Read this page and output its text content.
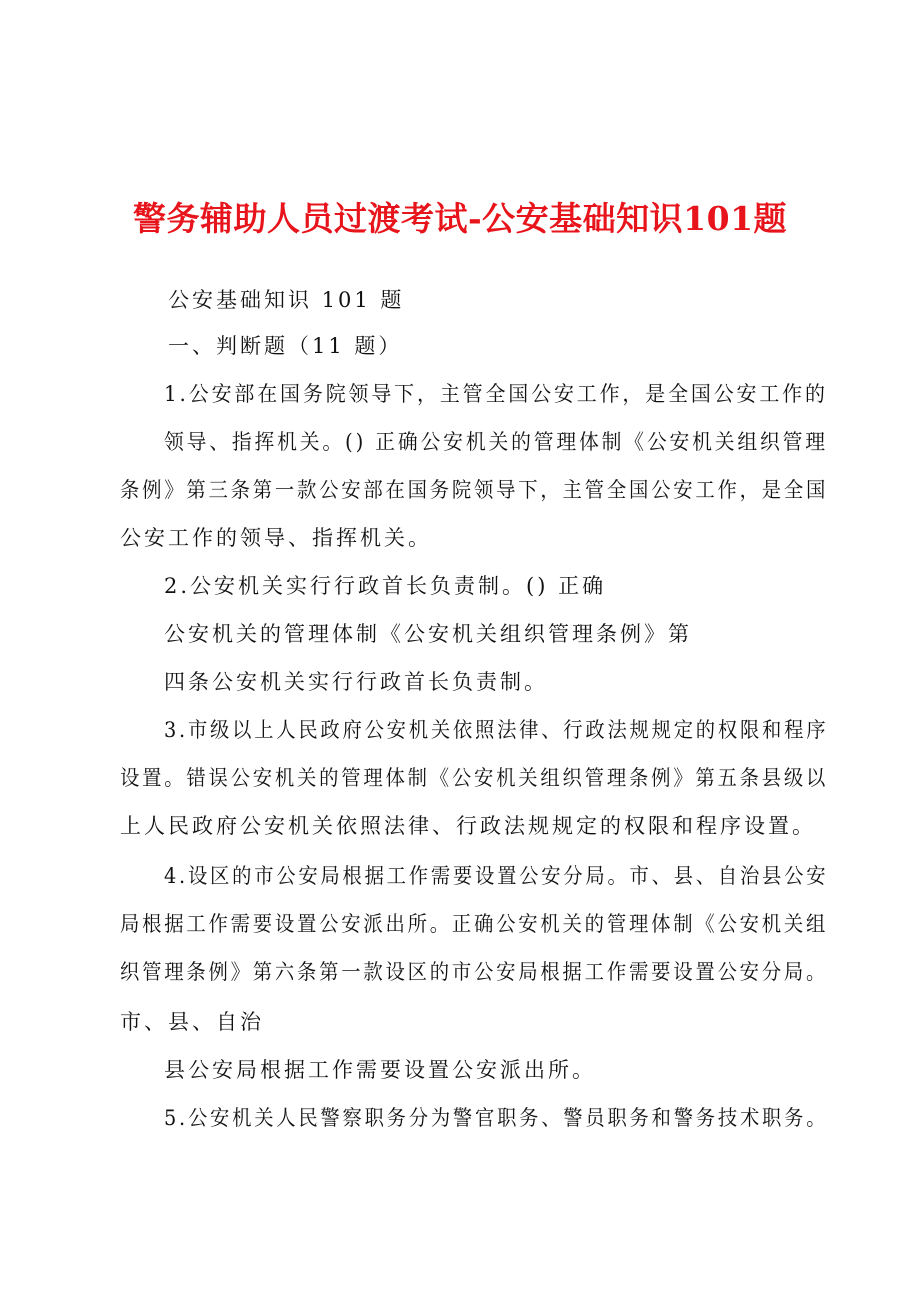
警务辅助人员过渡考试-公安基础知识101题
公安基础知识 101 题
一、判断题（11 题）
1.公安部在国务院领导下，主管全国公安工作，是全国公安工作的
领导、指挥机关。() 正确公安机关的管理体制《公安机关组织管理
条例》第三条第一款公安部在国务院领导下，主管全国公安工作，是全国
公安工作的领导、指挥机关。
2.公安机关实行行政首长负责制。() 正确
公安机关的管理体制《公安机关组织管理条例》第
四条公安机关实行行政首长负责制。
3.市级以上人民政府公安机关依照法律、行政法规规定的权限和程序
设置。错误公安机关的管理体制《公安机关组织管理条例》第五条县级以
上人民政府公安机关依照法律、行政法规规定的权限和程序设置。
4.设区的市公安局根据工作需要设置公安分局。市、县、自治县公安
局根据工作需要设置公安派出所。正确公安机关的管理体制《公安机关组
织管理条例》第六条第一款设区的市公安局根据工作需要设置公安分局。
市、县、自治
县公安局根据工作需要设置公安派出所。
5.公安机关人民警察职务分为警官职务、警员职务和警务技术职务。
